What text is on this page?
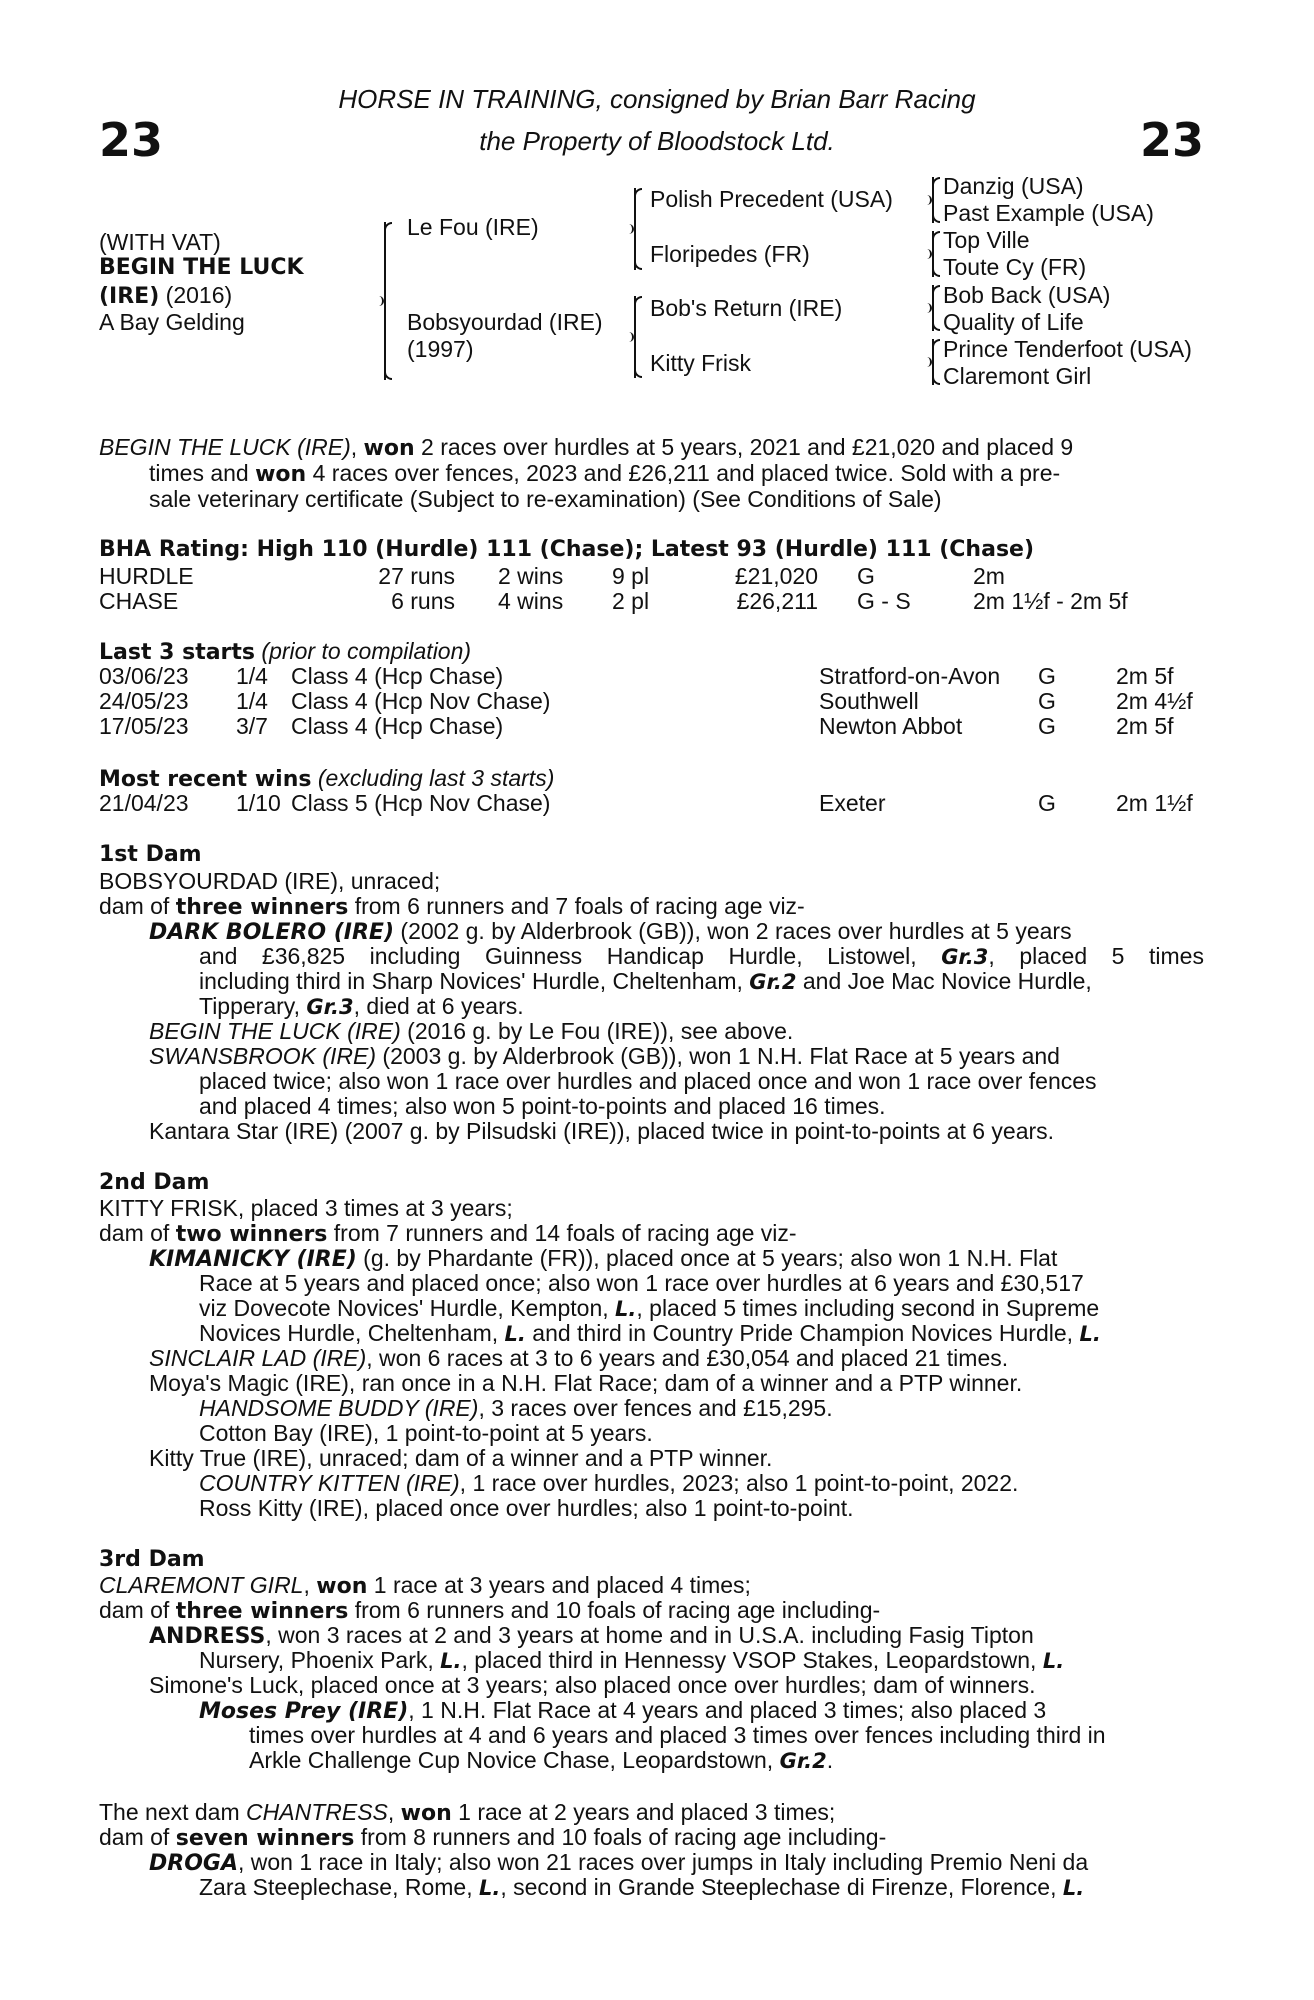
23	23
HORSE IN TRAINING, consigned by Brian Barr Racing
the Property of Bloodstock Ltd.
(WITH VAT)
BEGIN THE LUCK
(IRE) (2016)
A Bay Gelding
Le Fou (IRE)
Bobsyourdad (IRE)
(1997)
Polish Precedent (USA)
Floripedes (FR)
Bob's Return (IRE)
Kitty Frisk
Danzig (USA)
Past Example (USA)
Top Ville
Toute Cy (FR)
Bob Back (USA)
Quality of Life
Prince Tenderfoot (USA)
Claremont Girl
BEGIN THE LUCK (IRE), won 2 races over hurdles at 5 years, 2021 and £21,020 and placed 9
times and won 4 races over fences, 2023 and £26,211 and placed twice. Sold with a pre-
sale veterinary certificate (Subject to re-examination) (See Conditions of Sale)
BHA Rating: High 110 (Hurdle) 111 (Chase); Latest 93 (Hurdle) 111 (Chase)
HURDLE	27 runs 2 wins 9 pl	£21,020 G	2m
CHASE	6 runs 4 wins 2 pl	£26,211 G - S	2m 1½f - 2m 5f
Last 3 starts (prior to compilation)
03/06/23 1/4 Class 4 (Hcp Chase)	Stratford-on-Avon G	2m 5f
24/05/23 1/4 Class 4 (Hcp Nov Chase)	Southwell	G	2m 4½f
17/05/23 3/7 Class 4 (Hcp Chase)	Newton Abbot	G	2m 5f
Most recent wins (excluding last 3 starts)
21/04/23 1/10 Class 5 (Hcp Nov Chase)	Exeter	G	2m 1½f
1st Dam
BOBSYOURDAD (IRE), unraced;
dam of three winners from 6 runners and 7 foals of racing age viz-
DARK BOLERO (IRE) (2002 g. by Alderbrook (GB)), won 2 races over hurdles at 5 years
and £36,825 including Guinness Handicap Hurdle, Listowel, Gr.3, placed 5 times
including third in Sharp Novices' Hurdle, Cheltenham, Gr.2 and Joe Mac Novice Hurdle,
Tipperary, Gr.3, died at 6 years.
BEGIN THE LUCK (IRE) (2016 g. by Le Fou (IRE)), see above.
SWANSBROOK (IRE) (2003 g. by Alderbrook (GB)), won 1 N.H. Flat Race at 5 years and
placed twice; also won 1 race over hurdles and placed once and won 1 race over fences
and placed 4 times; also won 5 point-to-points and placed 16 times.
Kantara Star (IRE) (2007 g. by Pilsudski (IRE)), placed twice in point-to-points at 6 years.
2nd Dam
KITTY FRISK, placed 3 times at 3 years;
dam of two winners from 7 runners and 14 foals of racing age viz-
KIMANICKY (IRE) (g. by Phardante (FR)), placed once at 5 years; also won 1 N.H. Flat
Race at 5 years and placed once; also won 1 race over hurdles at 6 years and £30,517
viz Dovecote Novices' Hurdle, Kempton, L., placed 5 times including second in Supreme
Novices Hurdle, Cheltenham, L. and third in Country Pride Champion Novices Hurdle, L.
SINCLAIR LAD (IRE), won 6 races at 3 to 6 years and £30,054 and placed 21 times.
Moya's Magic (IRE), ran once in a N.H. Flat Race; dam of a winner and a PTP winner.
HANDSOME BUDDY (IRE), 3 races over fences and £15,295.
Cotton Bay (IRE), 1 point-to-point at 5 years.
Kitty True (IRE), unraced; dam of a winner and a PTP winner.
COUNTRY KITTEN (IRE), 1 race over hurdles, 2023; also 1 point-to-point, 2022.
Ross Kitty (IRE), placed once over hurdles; also 1 point-to-point.
3rd Dam
CLAREMONT GIRL, won 1 race at 3 years and placed 4 times;
dam of three winners from 6 runners and 10 foals of racing age including-
ANDRESS, won 3 races at 2 and 3 years at home and in U.S.A. including Fasig Tipton
Nursery, Phoenix Park, L., placed third in Hennessy VSOP Stakes, Leopardstown, L.
Simone's Luck, placed once at 3 years; also placed once over hurdles; dam of winners.
Moses Prey (IRE), 1 N.H. Flat Race at 4 years and placed 3 times; also placed 3
times over hurdles at 4 and 6 years and placed 3 times over fences including third in
Arkle Challenge Cup Novice Chase, Leopardstown, Gr.2.
The next dam CHANTRESS, won 1 race at 2 years and placed 3 times;
dam of seven winners from 8 runners and 10 foals of racing age including-
DROGA, won 1 race in Italy; also won 21 races over jumps in Italy including Premio Neni da
Zara Steeplechase, Rome, L., second in Grande Steeplechase di Firenze, Florence, L.
